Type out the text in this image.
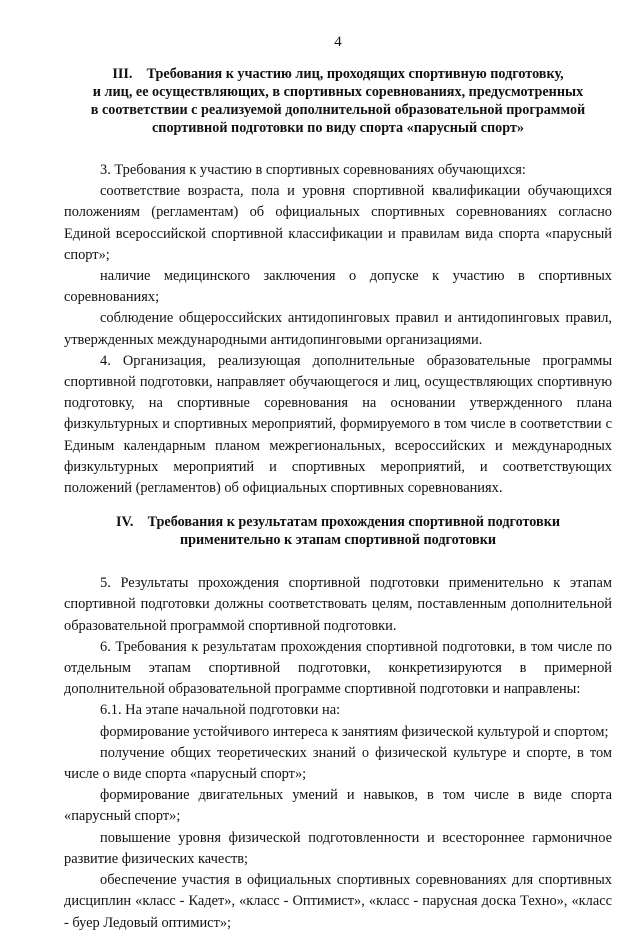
4
III. Требования к участию лиц, проходящих спортивную подготовку,
и лиц, ее осуществляющих, в спортивных соревнованиях, предусмотренных
в соответствии с реализуемой дополнительной образовательной программой
спортивной подготовки по виду спорта «парусный спорт»

3. Требования к участию в спортивных соревнованиях обучающихся:

соответствие возраста, пола и уровня спортивной квалификации обучающихся положениям (регламентам) об официальных спортивных соревнованиях согласно Единой всероссийской спортивной классификации и правилам вида спорта «парусный спорт»;

наличие медицинского заключения о допуске к участию в спортивных соревнованиях;

соблюдение общероссийских антидопинговых правил и антидопинговых правил, утвержденных международными антидопинговыми организациями.

4. Организация, реализующая дополнительные образовательные программы спортивной подготовки, направляет обучающегося и лиц, осуществляющих спортивную подготовку, на спортивные соревнования на основании утвержденного плана физкультурных и спортивных мероприятий, формируемого в том числе в соответствии с Единым календарным планом межрегиональных, всероссийских и международных физкультурных мероприятий и спортивных мероприятий, и соответствующих положений (регламентов) об официальных спортивных соревнованиях.

IV. Требования к результатам прохождения спортивной подготовки
применительно к этапам спортивной подготовки

5. Результаты прохождения спортивной подготовки применительно к этапам спортивной подготовки должны соответствовать целям, поставленным дополнительной образовательной программой спортивной подготовки.

6. Требования к результатам прохождения спортивной подготовки, в том числе по отдельным этапам спортивной подготовки, конкретизируются в примерной дополнительной образовательной программе спортивной подготовки и направлены:

6.1. На этапе начальной подготовки на:

формирование устойчивого интереса к занятиям физической культурой и спортом;

получение общих теоретических знаний о физической культуре и спорте, в том числе о виде спорта «парусный спорт»;

формирование двигательных умений и навыков, в том числе в виде спорта «парусный спорт»;

повышение уровня физической подготовленности и всестороннее гармоничное развитие физических качеств;

обеспечение участия в официальных спортивных соревнованиях для спортивных дисциплин «класс - Кадет», «класс - Оптимист», «класс - парусная доска Техно», «класс - буер Ледовый оптимист»;
